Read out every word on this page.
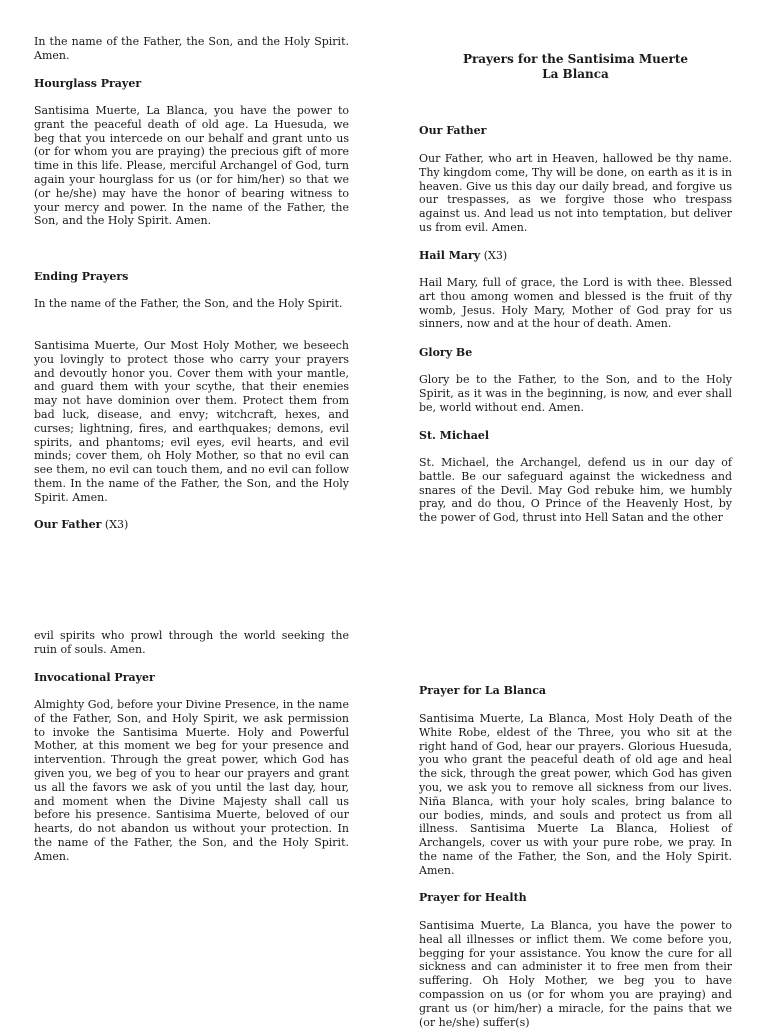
In the name of the Father, the Son, and the Holy Spirit. Amen.

Hourglass Prayer

Santisima Muerte, La Blanca, you have the power to grant the peaceful death of old age. La Huesuda, we beg that you intercede on our behalf and grant unto us (or for whom you are praying) the precious gift of more time in this life. Please, merciful Archangel of God, turn again your hourglass for us (or for him/her) so that we (or he/she) may have the honor of bearing witness to your mercy and power. In the name of the Father, the Son, and the Holy Spirit. Amen.

Ending Prayers

In the name of the Father, the Son, and the Holy Spirit.

Santisima Muerte, Our Most Holy Mother, we beseech you lovingly to protect those who carry your prayers and devoutly honor you. Cover them with your mantle, and guard them with your scythe, that their enemies may not have dominion over them. Protect them from bad luck, disease, and envy; witchcraft, hexes, and curses; lightning, fires, and earthquakes; demons, evil spirits, and phantoms; evil eyes, evil hearts, and evil minds; cover them, oh Holy Mother, so that no evil can see them, no evil can touch them, and no evil can follow them. In the name of the Father, the Son, and the Holy Spirit. Amen.

Our Father (X3)

Prayers for the Santisima Muerte
La Blanca

Our Father

Our Father, who art in Heaven, hallowed be thy name. Thy kingdom come, Thy will be done, on earth as it is in heaven. Give us this day our daily bread, and forgive us our trespasses, as we forgive those who trespass against us. And lead us not into temptation, but deliver us from evil. Amen.

Hail Mary (X3)

Hail Mary, full of grace, the Lord is with thee. Blessed art thou among women and blessed is the fruit of thy womb, Jesus. Holy Mary, Mother of God pray for us sinners, now and at the hour of death. Amen.

Glory Be

Glory be to the Father, to the Son, and to the Holy Spirit, as it was in the beginning, is now, and ever shall be, world without end. Amen.

St. Michael

St. Michael, the Archangel, defend us in our day of battle. Be our safeguard against the wickedness and snares of the Devil. May God rebuke him, we humbly pray, and do thou, O Prince of the Heavenly Host, by the power of God, thrust into Hell Satan and the other

evil spirits who prowl through the world seeking the ruin of souls. Amen.

Invocational Prayer

Almighty God, before your Divine Presence, in the name of the Father, Son, and Holy Spirit, we ask permission to invoke the Santisima Muerte. Holy and Powerful Mother, at this moment we beg for your presence and intervention. Through the great power, which God has given you, we beg of you to hear our prayers and grant us all the favors we ask of you until the last day, hour, and moment when the Divine Majesty shall call us before his presence. Santisima Muerte, beloved of our hearts, do not abandon us without your protection. In the name of the Father, the Son, and the Holy Spirit. Amen.

Prayer for La Blanca

Santisima Muerte, La Blanca, Most Holy Death of the White Robe, eldest of the Three, you who sit at the right hand of God, hear our prayers. Glorious Huesuda, you who grant the peaceful death of old age and heal the sick, through the great power, which God has given you, we ask you to remove all sickness from our lives. Niña Blanca, with your holy scales, bring balance to our bodies, minds, and souls and protect us from all illness. Santisima Muerte La Blanca, Holiest of Archangels, cover us with your pure robe, we pray. In the name of the Father, the Son, and the Holy Spirit. Amen.

Prayer for Health

Santisima Muerte, La Blanca, you have the power to heal all illnesses or inflict them. We come before you, begging for your assistance. You know the cure for all sickness and can administer it to free men from their suffering. Oh Holy Mother, we beg you to have compassion on us (or for whom you are praying) and grant us (or him/her) a miracle, for the pains that we (or he/she) suffer(s)
